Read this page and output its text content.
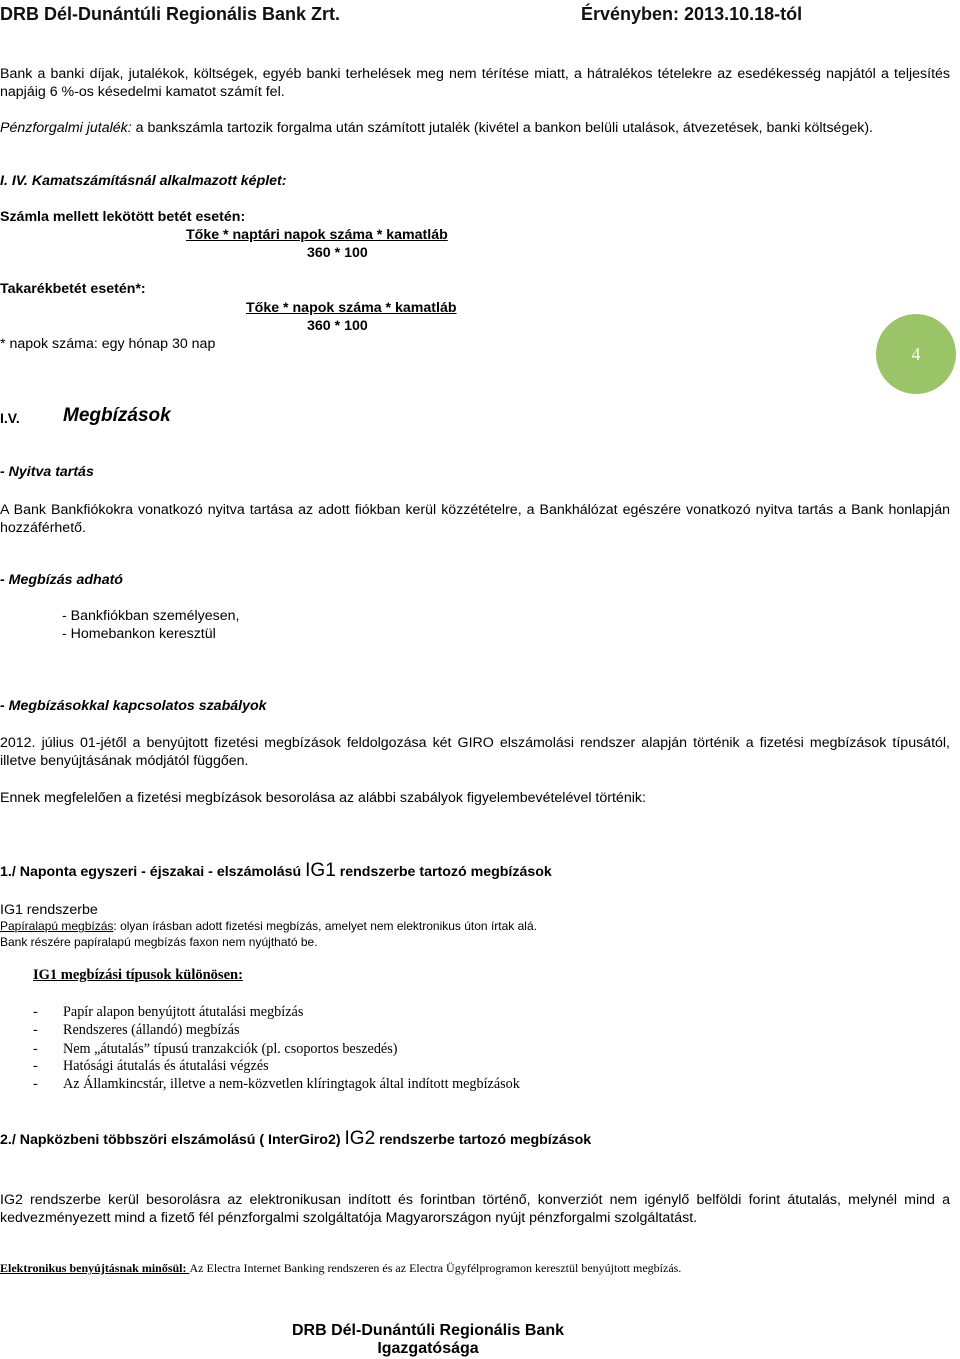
DRB Dél-Dunántúli Regionális Bank Zrt.	Érvényben: 2013.10.18-tól
Bank a banki díjak, jutalékok, költségek, egyéb banki terhelések meg nem térítése miatt, a hátralékos tételekre az esedékesség napjától a teljesítés napjáig 6 %-os késedelmi kamatot számít fel.
Pénzforgalmi jutalék: a bankszámla tartozik forgalma után számított jutalék (kivétel a bankon belüli utalások, átvezetések, banki költségek).
I. IV. Kamatszámításnál alkalmazott képlet:
Számla mellett lekötött betét esetén:
Tőke * naptári napok száma * kamatláb
360 * 100
Takarékbetét esetén*:
Tőke * napok száma * kamatláb
360 * 100
* napok száma: egy hónap 30 nap	4
I.V. Megbízások
- Nyitva tartás
A Bank Bankfiókokra vonatkozó nyitva tartása az adott fiókban kerül közzétételre, a Bankhálózat egészére vonatkozó nyitva tartás a Bank honlapján hozzáférhető.
- Megbízás adható
- Bankfiókban személyesen,
- Homebankon keresztül
- Megbízásokkal kapcsolatos szabályok
2012. július 01-jétől a benyújtott fizetési megbízások feldolgozása két GIRO elszámolási rendszer alapján történik a fizetési megbízások típusától, illetve benyújtásának módjától függően.
Ennek megfelelően a fizetési megbízások besorolása az alábbi szabályok figyelembevételével történik:
1./ Naponta egyszeri - éjszakai - elszámolású IG1 rendszerbe tartozó megbízások
IG1 rendszerbe
Papíralapú megbízás: olyan írásban adott fizetési megbízás, amelyet nem elektronikus úton írtak alá.
Bank részére papíralapú megbízás faxon nem nyújtható be.
IG1 megbízási típusok különösen:
- Papír alapon benyújtott átutalási megbízás
- Rendszeres (állandó) megbízás
- Nem „átutalás” típusú tranzakciók (pl. csoportos beszedés)
- Hatósági átutalás és átutalási végzés
- Az Államkincstár, illetve a nem-közvetlen klíringtagok által indított megbízások
2./ Napközbeni többszöri elszámolású ( InterGiro2) IG2 rendszerbe tartozó megbízások
IG2 rendszerbe kerül besorolásra az elektronikusan indított és forintban történő, konverziót nem igénylő belföldi forint átutalás, melynél mind a kedvezményezett mind a fizető fél pénzforgalmi szolgáltatója Magyarországon nyújt pénzforgalmi szolgáltatást.
Elektronikus benyújtásnak minősül: Az Electra Internet Banking rendszeren és az Electra Ügyfélprogramon keresztül benyújtott megbízás.
DRB Dél-Dunántúli Regionális Bank
Igazgatósága
